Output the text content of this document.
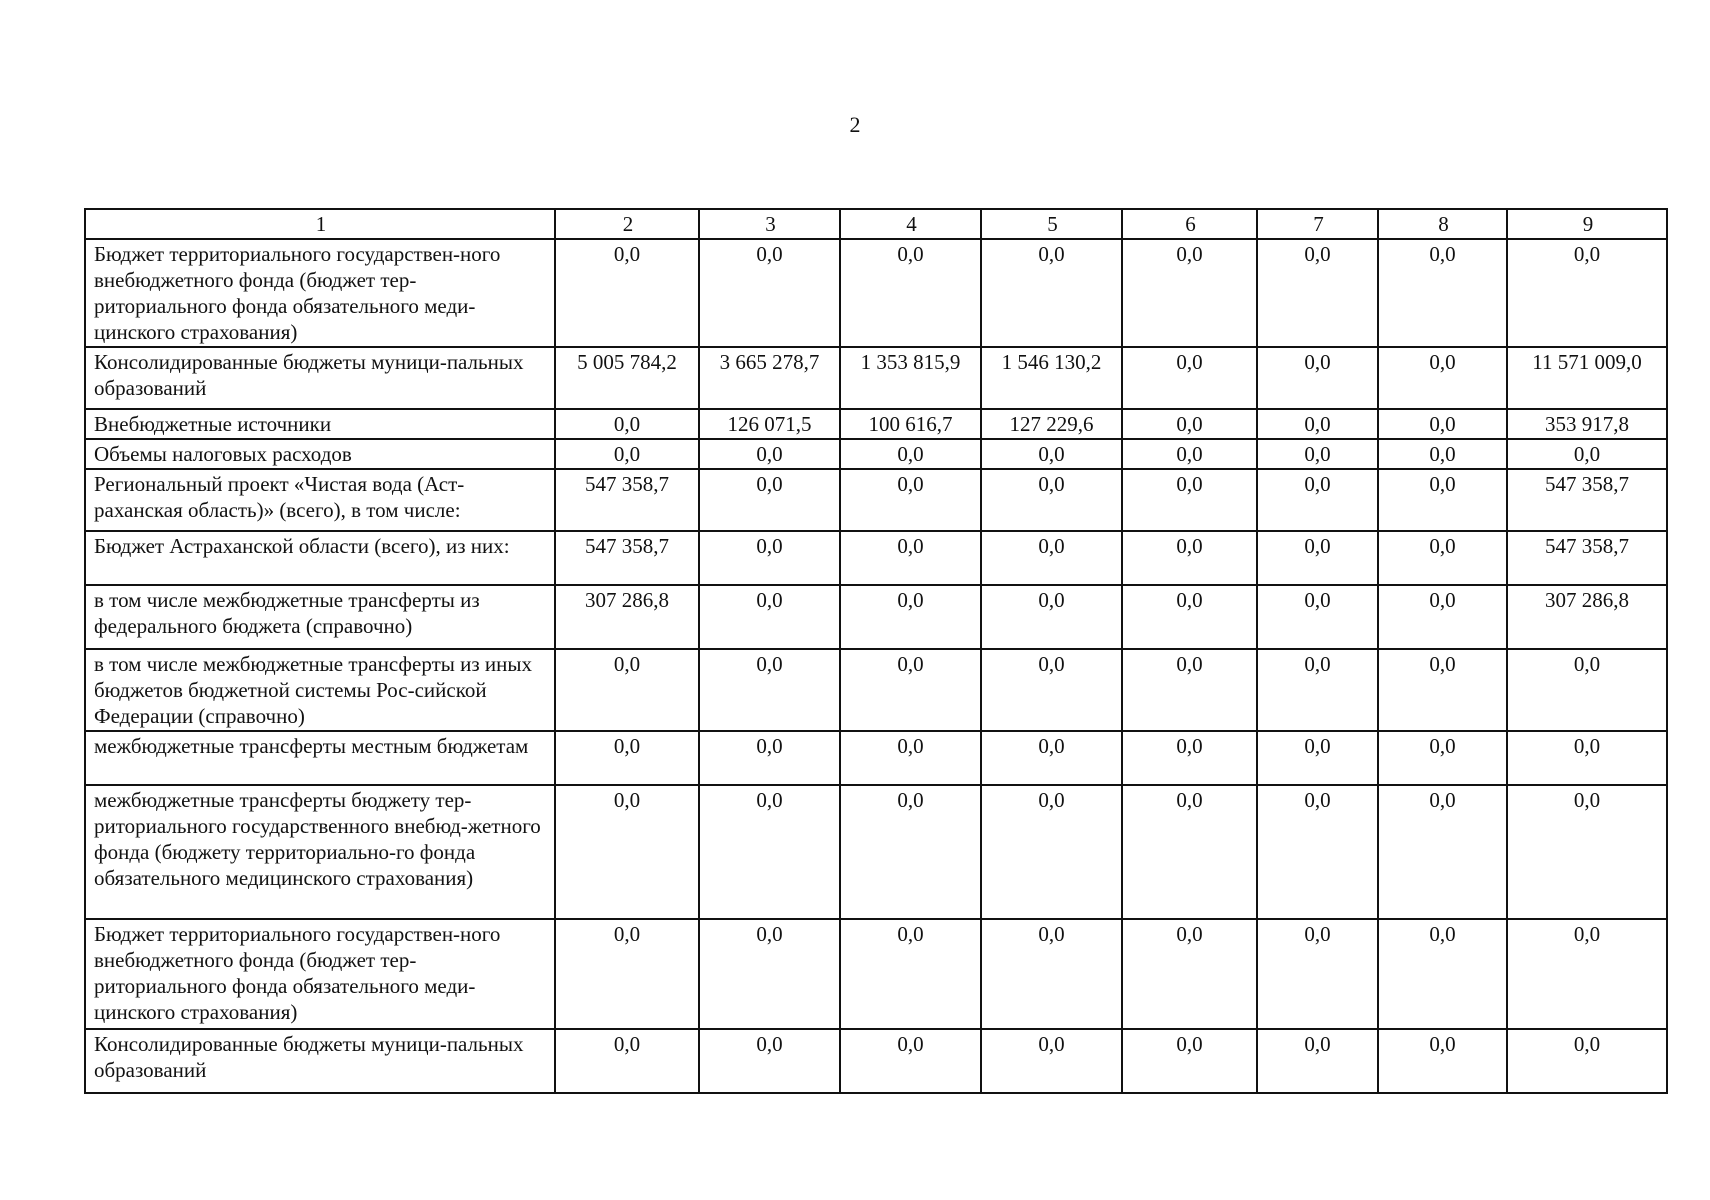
2
1	2	3	4	5	6	7	8	9
Бюджет территориального государствен-ного внебюджетного фонда (бюджет тер-риториального фонда обязательного меди-цинского страхования)	0,0	0,0	0,0	0,0	0,0	0,0	0,0	0,0
Консолидированные бюджеты муници-пальных образований	5 005 784,2	3 665 278,7	1 353 815,9	1 546 130,2	0,0	0,0	0,0	11 571 009,0
Внебюджетные источники	0,0	126 071,5	100 616,7	127 229,6	0,0	0,0	0,0	353 917,8
Объемы налоговых расходов	0,0	0,0	0,0	0,0	0,0	0,0	0,0	0,0
Региональный проект «Чистая вода (Аст-раханская область)» (всего), в том числе:	547 358,7	0,0	0,0	0,0	0,0	0,0	0,0	547 358,7
Бюджет Астраханской области (всего), из них:	547 358,7	0,0	0,0	0,0	0,0	0,0	0,0	547 358,7
в том числе межбюджетные трансферты из федерального бюджета (справочно)	307 286,8	0,0	0,0	0,0	0,0	0,0	0,0	307 286,8
в том числе межбюджетные трансферты из иных бюджетов бюджетной системы Рос-сийской Федерации (справочно)	0,0	0,0	0,0	0,0	0,0	0,0	0,0	0,0
межбюджетные трансферты местным бюджетам	0,0	0,0	0,0	0,0	0,0	0,0	0,0	0,0
межбюджетные трансферты бюджету тер-риториального государственного внебюд-жетного фонда (бюджету территориально-го фонда обязательного медицинского страхования)	0,0	0,0	0,0	0,0	0,0	0,0	0,0	0,0
Бюджет территориального государствен-ного внебюджетного фонда (бюджет тер-риториального фонда обязательного меди-цинского страхования)	0,0	0,0	0,0	0,0	0,0	0,0	0,0	0,0
Консолидированные бюджеты муници-пальных образований	0,0	0,0	0,0	0,0	0,0	0,0	0,0	0,0
